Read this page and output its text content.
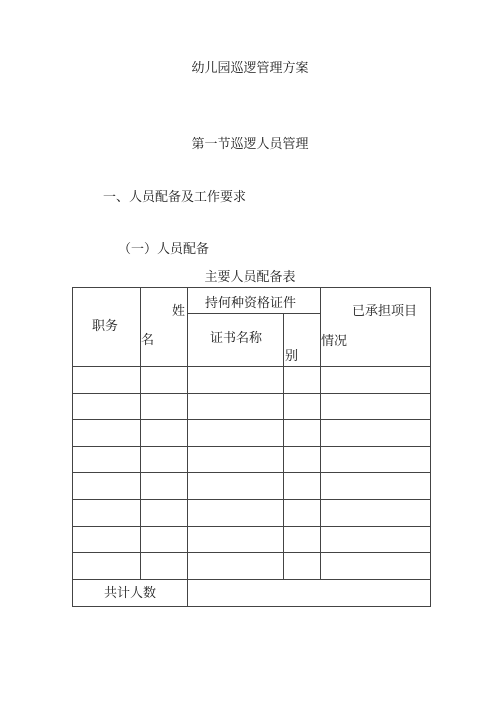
幼儿园巡逻管理方案
第一节巡逻人员管理
一、人员配备及工作要求
（一）人员配备
主要人员配备表
职务
姓
名
持何种资格证件
证书名称
别
已承担项目
情况
共计人数
